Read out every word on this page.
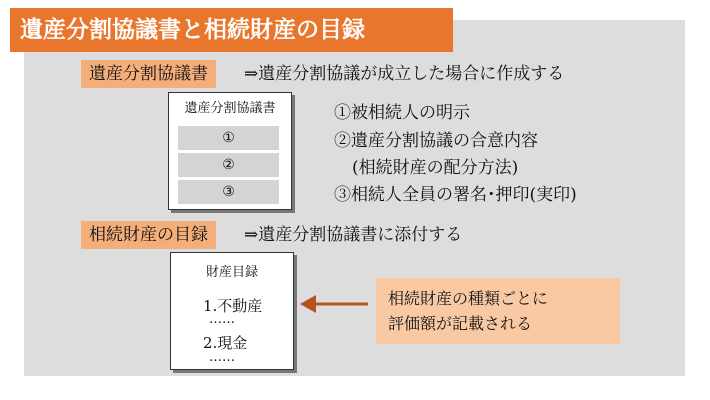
遺産分割協議書と相続財産の目録
遺産分割協議書	⇒遺産分割協議が成立した場合に作成する
遺産分割協議書
①
②
③
①被相続人の明示
②遺産分割協議の合意内容
(相続財産の配分方法)
③相続人全員の署名･押印(実印)
相続財産の目録	⇒遺産分割協議書に添付する
財産目録
1.不動産
……
2.現金
……
相続財産の種類ごとに
評価額が記載される
